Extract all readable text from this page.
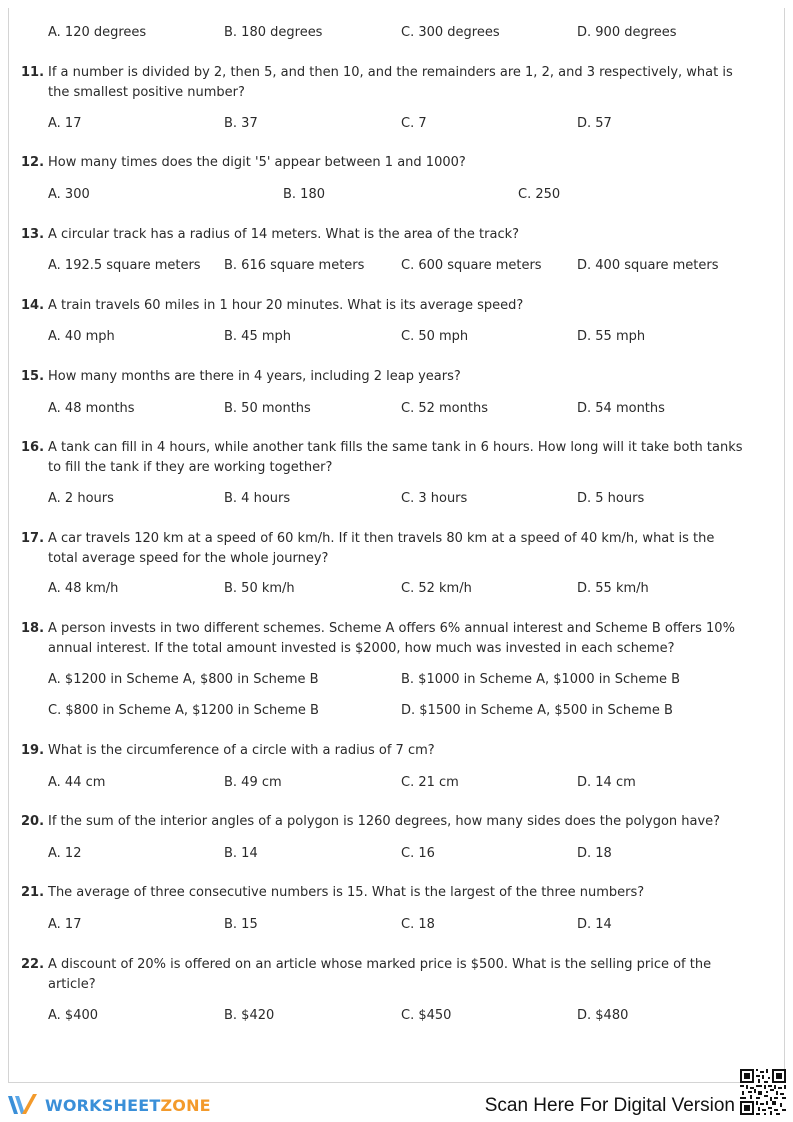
A. 120 degrees	B. 180 degrees	C. 300 degrees	D. 900 degrees
11. If a number is divided by 2, then 5, and then 10, and the remainders are 1, 2, and 3 respectively, what is the smallest positive number?
A. 17	B. 37	C. 7	D. 57
12. How many times does the digit '5' appear between 1 and 1000?
A. 300	B. 180	C. 250
13. A circular track has a radius of 14 meters. What is the area of the track?
A. 192.5 square meters B. 616 square meters	C. 600 square meters	D. 400 square meters
14. A train travels 60 miles in 1 hour 20 minutes. What is its average speed?
A. 40 mph	B. 45 mph	C. 50 mph	D. 55 mph
15. How many months are there in 4 years, including 2 leap years?
A. 48 months	B. 50 months	C. 52 months	D. 54 months
16. A tank can fill in 4 hours, while another tank fills the same tank in 6 hours. How long will it take both tanks to fill the tank if they are working together?
A. 2 hours	B. 4 hours	C. 3 hours	D. 5 hours
17. A car travels 120 km at a speed of 60 km/h. If it then travels 80 km at a speed of 40 km/h, what is the total average speed for the whole journey?
A. 48 km/h	B. 50 km/h	C. 52 km/h	D. 55 km/h
18. A person invests in two different schemes. Scheme A offers 6% annual interest and Scheme B offers 10% annual interest. If the total amount invested is $2000, how much was invested in each scheme?
A. $1200 in Scheme A, $800 in Scheme B	B. $1000 in Scheme A, $1000 in Scheme B
C. $800 in Scheme A, $1200 in Scheme B	D. $1500 in Scheme A, $500 in Scheme B
19. What is the circumference of a circle with a radius of 7 cm?
A. 44 cm	B. 49 cm	C. 21 cm	D. 14 cm
20. If the sum of the interior angles of a polygon is 1260 degrees, how many sides does the polygon have?
A. 12	B. 14	C. 16	D. 18
21. The average of three consecutive numbers is 15. What is the largest of the three numbers?
A. 17	B. 15	C. 18	D. 14
22. A discount of 20% is offered on an article whose marked price is $500. What is the selling price of the article?
A. $400	B. $420	C. $450	D. $480
WORKSHEETZONE	Scan Here For Digital Version
